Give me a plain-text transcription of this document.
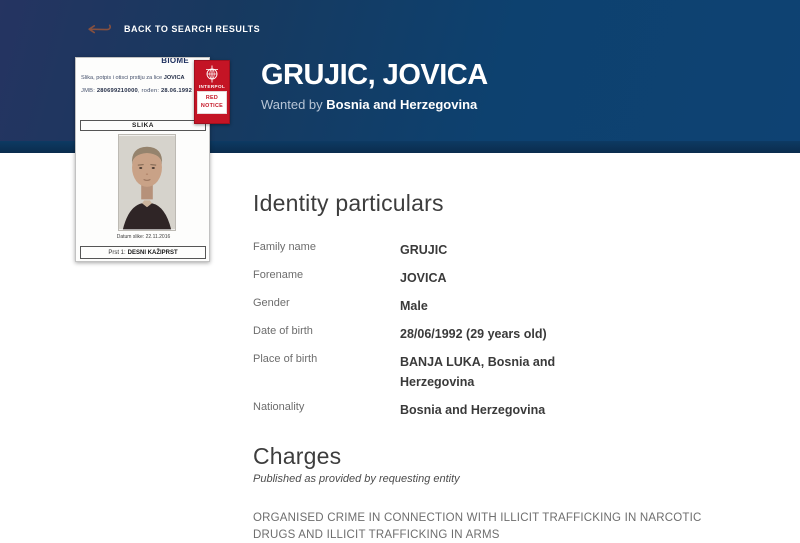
BACK TO SEARCH RESULTS
GRUJIC, JOVICA
Wanted by Bosnia and Herzegovina
BIOME
Slika, potpis i otisci prstiju za lice JOVICA
JMB: 280699210000, rođen: 28.06.1992
SLIKA
Datum slike: 22.11.2016
Prst 1: DESNI KAŽIPRST
INTERPOL
RED
NOTICE
Identity particulars
Family name	GRUJIC
Forename	JOVICA
Gender	Male
Date of birth	28/06/1992 (29 years old)
Place of birth	BANJA LUKA, Bosnia and Herzegovina
Nationality	Bosnia and Herzegovina
Charges
Published as provided by requesting entity
ORGANISED CRIME IN CONNECTION WITH ILLICIT TRAFFICKING IN NARCOTIC DRUGS AND ILLICIT TRAFFICKING IN ARMS
